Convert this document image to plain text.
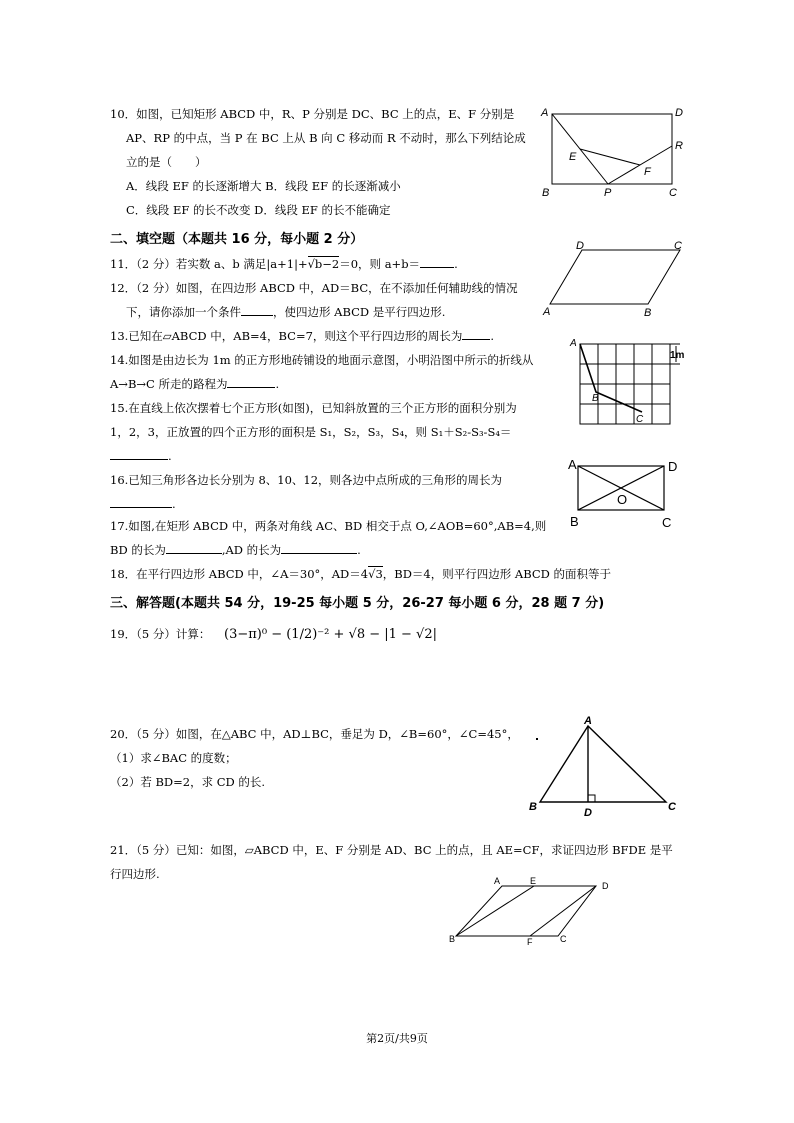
10．如图，已知矩形 ABCD 中，R、P 分别是 DC、BC 上的点，E、F 分别是
AP、RP 的中点，当 P 在 BC 上从 B 向 C 移动而 R 不动时，那么下列结论成
立的是（　　）
A．线段 EF 的长逐渐增大 B．线段 EF 的长逐渐减小
C．线段 EF 的长不改变 D．线段 EF 的长不能确定
A	D
R
E
F
B	P	C
二、填空题（本题共 16 分，每小题 2 分）
11．（2 分）若实数 a、b 满足|a+1|+√b−2＝0，则 a+b＝	.
12．（2 分）如图，在四边形 ABCD 中，AD＝BC，在不添加任何辅助线的情况
下，请你添加一个条件	，使四边形 ABCD 是平行四边形.
D	C
A	B
13.已知在▱ABCD 中，AB=4，BC=7，则这个平行四边形的周长为 .
14.如图是由边长为 1m 的正方形地砖铺设的地面示意图，小明沿图中所示的折线从
A→B→C 所走的路程为	.
A
B
C
1m
15.在直线上依次摆着七个正方形(如图)，已知斜放置的三个正方形的面积分别为
1，2，3，正放置的四个正方形的面积是 S₁，S₂，S₃，S₄，则 S₁＋S₂-S₃-S₄＝
.
16.已知三角形各边长分别为 8、10、12，则各边中点所成的三角形的周长为
.
A	D
O
B	C
17.如图,在矩形 ABCD 中，两条对角线 AC、BD 相交于点 O,∠AOB=60°,AB=4,则
BD 的长为	,AD 的长为	.
18．在平行四边形 ABCD 中，∠A＝30°，AD＝4√3，BD＝4，则平行四边形 ABCD 的面积等于
三、解答题(本题共 54 分，19-25 每小题 5 分，26-27 每小题 6 分，28 题 7 分)
19．（5 分）计算： (3−π)⁰ − (1/2)⁻² + √8 − |1 − √2|
20．（5 分）如图，在△ABC 中，AD⊥BC，垂足为 D，∠B=60°，∠C=45°，
（1）求∠BAC 的度数；
（2）若 BD=2，求 CD 的长.
A
B	D	C
21．（5 分）已知：如图，▱ABCD 中，E、F 分别是 AD、BC 上的点，且 AE=CF，求证四边形 BFDE 是平
行四边形.	A	E	D
B	F	C
第2页/共9页
